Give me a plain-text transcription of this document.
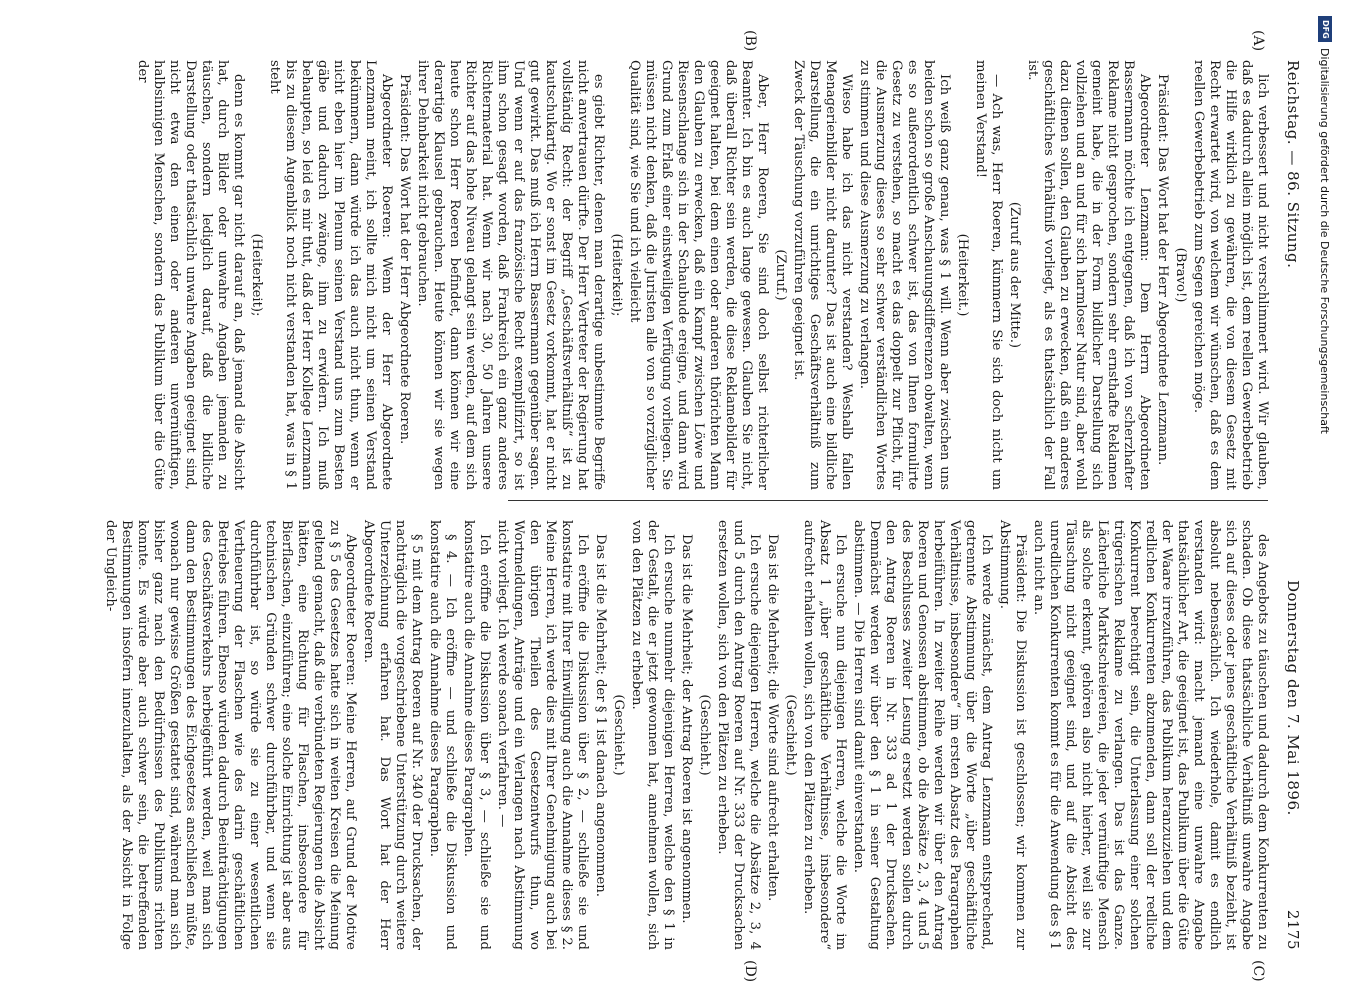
Reichstag. — 86. Sitzung.
Donnerstag den 7. Mai 1896.
2175
(A)
(B)
(C)
(D)

lich verbessert und nicht verschlimmert wird. Wir glauben, daß es dadurch allein möglich ist, dem reellen Gewerbebetrieb die Hilfe wirklich zu gewähren, die von diesem Gesetz mit Recht erwartet wird, von welchem wir wünschen, daß es dem reellen Gewerbebetrieb zum Segen gereichen möge.

(Bravo!)

Präsident: Das Wort hat der Herr Abgeordnete Lenzmann.

Abgeordneter Lenzmann: Dem Herrn Abgeordneten Bassermann möchte ich entgegnen, daß ich von scherzhafter Reklame nicht gesprochen, sondern sehr ernsthafte Reklamen gemeint habe, die in der Form bildlicher Darstellung sich vollziehen und an und für sich harmloser Natur sind, aber wohl dazu dienen sollen, den Glauben zu erwecken, daß ein anderes geschäftliches Verhältniß vorliegt, als es thatsächlich der Fall ist.

(Zuruf aus der Mitte.)

— Ach was, Herr Roeren, kümmern Sie sich doch nicht um meinen Verstand!

(Heiterkeit.)

Ich weiß ganz genau, was § 1 will. Wenn aber zwischen uns beiden schon so große Anschauungsdifferenzen obwalten, wenn es so außerordentlich schwer ist, das von Ihnen formulirte Gesetz zu verstehen, so macht es das doppelt zur Pflicht, für die Ausmerzung dieses so sehr schwer verständlichen Wortes zu stimmen und diese Ausmerzung zu verlangen.

Wieso habe ich das nicht verstanden? Weshalb fallen Menagerienbilder nicht darunter? Das ist auch eine bildliche Darstellung, die ein unrichtiges Geschäftsverhältniß zum Zweck der Täuschung vorzuführen geeignet ist.

(Zuruf.)

Aber, Herr Roeren, Sie sind doch selbst richterlicher Beamter. Ich bin es auch lange gewesen. Glauben Sie nicht, daß überall Richter sein werden, die diese Reklamebilder für geeignet halten, bei dem einen oder anderen thörichten Mann den Glauben zu erwecken, daß ein Kampf zwischen Löwe und Riesenschlange sich in der Schaubude ereigne, und dann wird Grund zum Erlaß einer einstweiligen Verfügung vorliegen. Sie müssen nicht denken, daß die Juristen alle von so vorzüglicher Qualität sind, wie Sie und ich vielleicht

(Heiterkeit);

es giebt Richter, denen man derartige unbestimmte Begriffe nicht anvertrauen dürfte. Der Herr Vertreter der Regierung hat vollständig Recht: der Begriff „Geschäftsverhältniß“ ist zu kautschukartig. Wo er sonst im Gesetz vorkommt, hat er nicht gut gewirkt. Das muß ich Herrn Bassermann gegenüber sagen. Und wenn er auf das französische Recht exemplifizirt, so ist ihm schon gesagt worden, daß Frankreich ein ganz anderes Richtermaterial hat. Wenn wir nach 30, 50 Jahren unsere Richter auf das hohe Niveau gelangt sein werden, auf dem sich heute schon Herr Roeren befindet, dann können wir eine derartige Klausel gebrauchen. Heute können wir sie wegen ihrer Dehnbarkeit nicht gebrauchen.

Präsident: Das Wort hat der Herr Abgeordnete Roeren.

Abgeordneter Roeren: Wenn der Herr Abgeordnete Lenzmann meint, ich sollte mich nicht um seinen Verstand bekümmern, dann würde ich das auch nicht thun, wenn er nicht eben hier im Plenum seinen Verstand uns zum Besten gäbe und dadurch zwänge, ihm zu erwidern. Ich muß behaupten, so leid es mir thut, daß der Herr Kollege Lenzmann bis zu diesem Augenblick noch nicht verstanden hat, was in § 1 steht

(Heiterkeit);

denn es kommt gar nicht darauf an, daß jemand die Absicht hat, durch Bilder oder unwahre Angaben jemanden zu täuschen, sondern lediglich darauf, daß die bildliche Darstellung oder thatsächlich unwahre Angaben geeignet sind, nicht etwa den einen oder anderen unvernünftigen, halbsinnigen Menschen, sondern das Publikum über die Güte der

des Angebots zu täuschen und dadurch dem Konkurrenten zu schaden. Ob diese thatsächliche Verhältniß unwahre Angabe sich auf dieses oder jenes geschäftliche Verhältniß bezieht, ist absolut nebensächlich. Ich wiederhole, damit es endlich verstanden wird: macht jemand eine unwahre Angabe thatsächlicher Art, die geeignet ist, das Publikum über die Güte der Waare irrezuführen, das Publikum heranzuziehen und dem redlichen Konkurrenten abzumenden, dann soll der redliche Konkurrent berechtigt sein, die Unterlassung einer solchen trügerischen Reklame zu verlangen. Das ist das Ganze. Lächerliche Marktschreiereien, die jeder vernünftige Mensch als solche erkennt, gehören also nicht hierher, weil sie zur Täuschung nicht geeignet sind, und auf die Absicht des unredlichen Konkurrenten kommt es für die Anwendung des § 1 auch nicht an.

Präsident: Die Diskussion ist geschlossen; wir kommen zur Abstimmung.

Ich werde zunächst, dem Antrag Lenzmann entsprechend, getrennte Abstimmung über die Worte „über geschäftliche Verhältnisse, insbesondere“ im ersten Absatz des Paragraphen herbeiführen. In zweiter Reihe werden wir über den Antrag Roeren und Genossen abstimmen, ob die Absätze 2, 3, 4 und 5 des Beschlusses zweiter Lesung ersetzt werden sollen durch den Antrag Roeren in Nr. 333 ad 1 der Drucksachen. Demnächst werden wir über den § 1 in seiner Gestaltung abstimmen. — Die Herren sind damit einverstanden.

Ich ersuche nun diejenigen Herren, welche die Worte im Absatz 1 „über geschäftliche Verhältnisse, insbesondere“ aufrecht erhalten wollen, sich von den Plätzen zu erheben.

(Geschieht.)

Das ist die Mehrheit; die Worte sind aufrecht erhalten.

Ich ersuche diejenigen Herren, welche die Absätze 2, 3, 4 und 5 durch den Antrag Roeren auf Nr. 333 der Drucksachen ersetzen wollen, sich von den Plätzen zu erheben.

(Geschieht.)

Das ist die Mehrheit; der Antrag Roeren ist angenommen.

Ich ersuche nunmehr diejenigen Herren, welche den § 1 in der Gestalt, die er jetzt gewonnen hat, annehmen wollen, sich von den Plätzen zu erheben.

(Geschieht.)

Das ist die Mehrheit; der § 1 ist danach angenommen.

Ich eröffne die Diskussion über § 2, — schließe sie und konstatire mit Ihrer Einwilligung auch die Annahme dieses § 2. Meine Herren, ich werde dies mit Ihrer Genehmigung auch bei den übrigen Theilen des Gesetzentwurfs thun, wo Wortmeldungen, Anträge und ein Verlangen nach Abstimmung nicht vorliegt. Ich werde sonach verfahren. —

Ich eröffne die Diskussion über § 3, — schließe sie und konstatire auch die Annahme dieses Paragraphen.

§ 4. — Ich eröffne — und schließe die Diskussion und konstatire auch die Annahme dieses Paragraphen.

§ 5 mit dem Antrag Roeren auf Nr. 340 der Drucksachen, der nachträglich die vorgeschriebene Unterstützung durch weitere Unterzeichnung erfahren hat. Das Wort hat der Herr Abgeordnete Roeren.

Abgeordneter Roeren: Meine Herren, auf Grund der Motive zu § 5 des Gesetzes hatte sich in weiten Kreisen die Meinung geltend gemacht, daß die verbündeten Regierungen die Absicht hätten, eine Richtung für Flaschen, insbesondere für Bierflaschen, einzuführen; eine solche Einrichtung ist aber aus technischen Gründen schwer durchführbar, und wenn sie durchführbar ist, so würde sie zu einer wesentlichen Vertheuerung der Flaschen wie des darin geschäftlichen Betriebes führen. Ebenso würden dadurch Beeinträchtigungen des Geschäftsverkehrs herbeigeführt werden, weil man sich dann den Bestimmungen des Eichgesetzes anschließen müßte, wonach nur gewisse Größen gestattet sind, während man sich bisher ganz nach den Bedürfnissen des Publikums richten konnte. Es würde aber auch schwer sein, die betreffenden Bestimmungen insofern innezuhalten, als der Absicht in Folge der Ungleich-

DFG
Digitalisierung gefördert durch die Deutsche Forschungsgemeinschaft
